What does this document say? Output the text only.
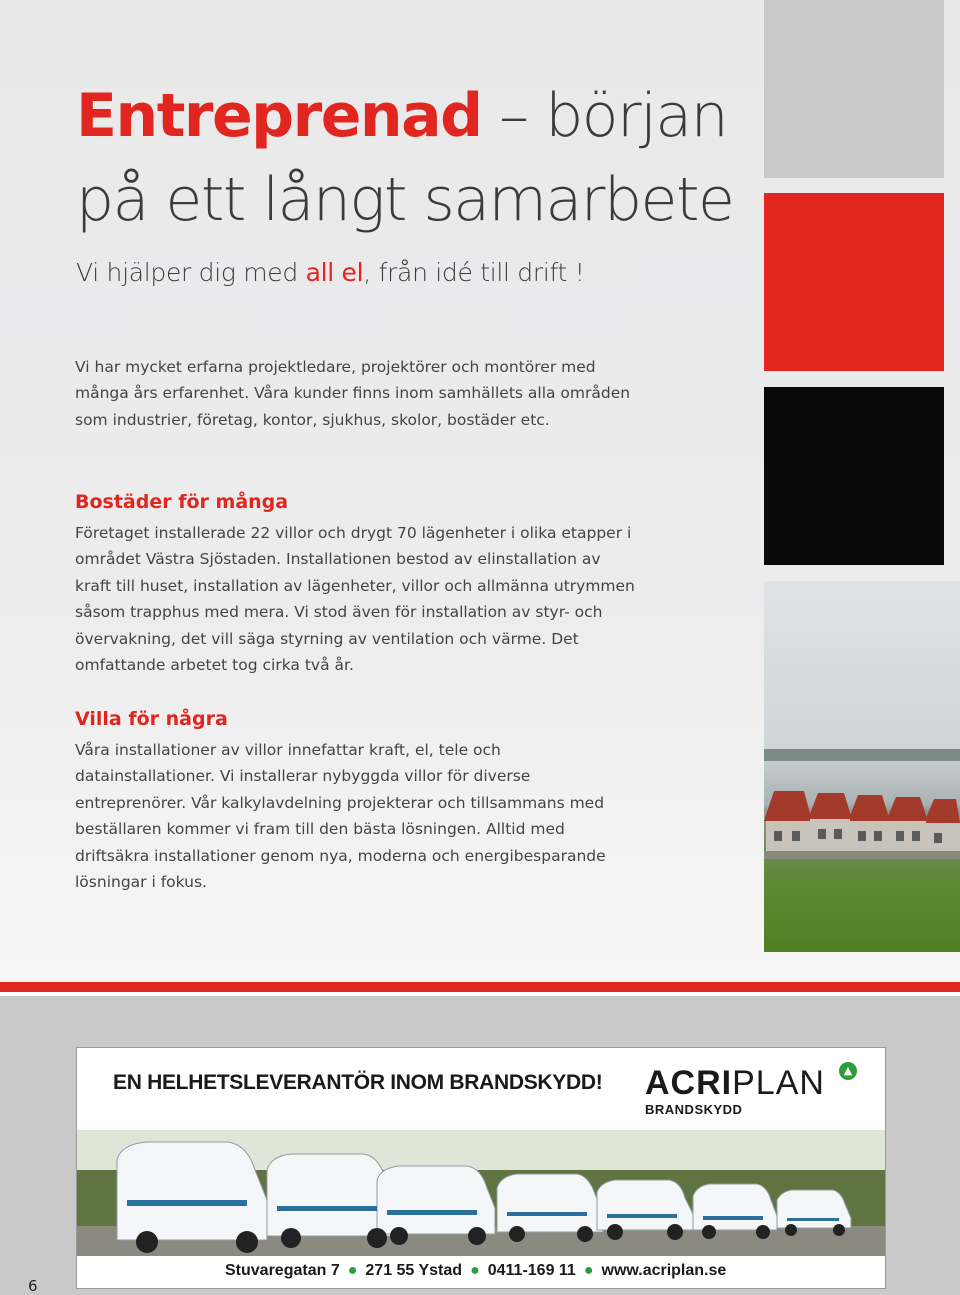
Entreprenad – början
på ett långt samarbete

Vi hjälper dig med all el, från idé till drift !

Vi har mycket erfarna projektledare, projektörer och montörer med många års erfarenhet. Våra kunder finns inom samhällets alla områden som industrier, företag, kontor, sjukhus, skolor, bostäder etc.

Bostäder för många

Företaget installerade 22 villor och drygt 70 lägenheter i olika etapper i området Västra Sjöstaden. Installationen bestod av elinstallation av kraft till huset, installation av lägenheter, villor och allmänna utrymmen såsom trapphus med mera. Vi stod även för installation av styr- och övervakning, det vill säga styrning av ventilation och värme. Det omfattande arbetet tog cirka två år.

Villa för några

Våra installationer av villor innefattar kraft, el, tele och datainstallationer. Vi installerar nybyggda villor för diverse entreprenörer. Vår kalkylavdelning projekterar och tillsammans med beställaren kommer vi fram till den bästa lösningen. Alltid med driftsäkra installationer genom nya, moderna och energibesparande lösningar i fokus.

EN HELHETSLEVERANTÖR INOM BRANDSKYDD! ACRIPLAN
BRANDSKYDD
▲
Stuvaregatan 7 ● 271 55 Ystad ● 0411-169 11 ● www.acriplan.se
6
